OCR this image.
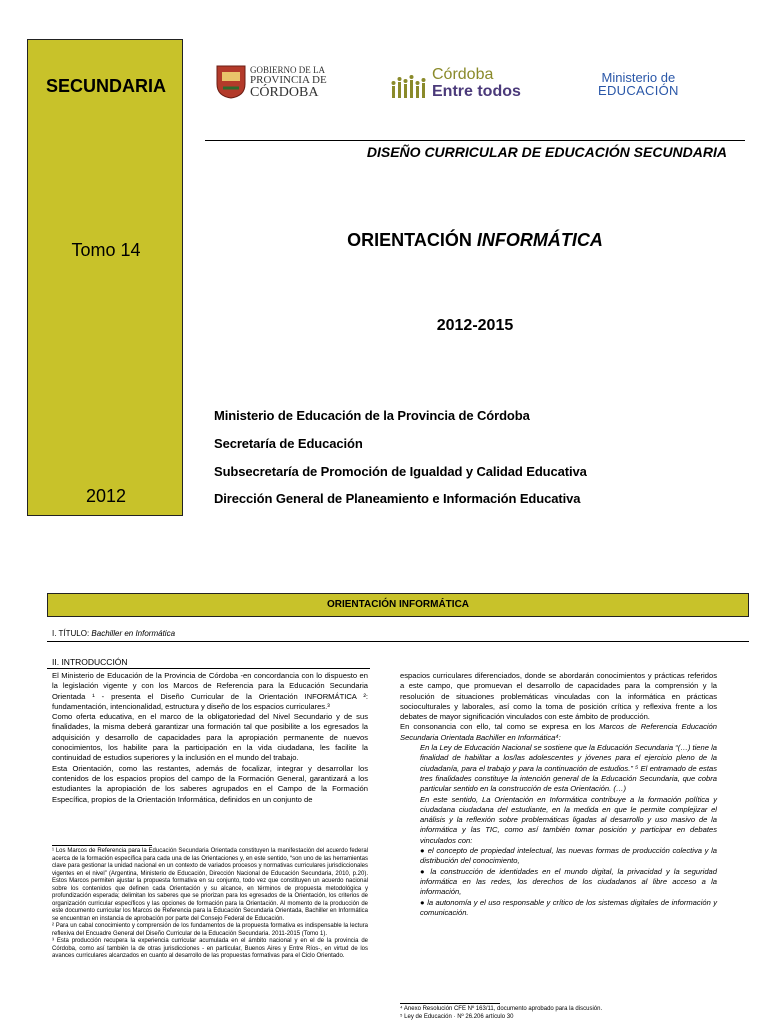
SECUNDARIA
Tomo 14
2012
GOBIERNO DE LA
PROVINCIA DE
CÓRDOBA
Córdoba
Entre todos
Ministerio de
EDUCACIÓN
DISEÑO CURRICULAR DE EDUCACIÓN SECUNDARIA
ORIENTACIÓN INFORMÁTICA
2012-2015
Ministerio de Educación de la Provincia de Córdoba
Secretaría de Educación
Subsecretaría de Promoción de Igualdad y Calidad Educativa
Dirección General de Planeamiento e Información Educativa
ORIENTACIÓN INFORMÁTICA
I. TÍTULO: Bachiller en Informática
II. INTRODUCCIÓN

El Ministerio de Educación de la Provincia de Córdoba -en concordancia con lo dispuesto en la legislación vigente y con los Marcos de Referencia para la Educación Secundaria Orientada ¹ - presenta el Diseño Curricular de la Orientación INFORMÁTICA ²: fundamentación, intencionalidad, estructura y diseño de los espacios curriculares.³

Como oferta educativa, en el marco de la obligatoriedad del Nivel Secundario y de sus finalidades, la misma deberá garantizar una formación tal que posibilite a los egresados la adquisición y desarrollo de capacidades para la apropiación permanente de nuevos conocimientos, los habilite para la participación en la vida ciudadana, les facilite la continuidad de estudios superiores y la inclusión en el mundo del trabajo.

Esta Orientación, como las restantes, además de focalizar, integrar y desarrollar los contenidos de los espacios propios del campo de la Formación General, garantizará a los estudiantes la apropiación de los saberes agrupados en el Campo de la Formación Específica, propios de la Orientación Informática, definidos en un conjunto de

¹ Los Marcos de Referencia para la Educación Secundaria Orientada constituyen la manifestación del acuerdo federal acerca de la formación específica para cada una de las Orientaciones y, en este sentido, “son uno de las herramientas clave para gestionar la unidad nacional en un contexto de variados procesos y normativas curriculares jurisdiccionales vigentes en el nivel” (Argentina, Ministerio de Educación, Dirección Nacional de Educación Secundaria, 2010, p.20). Estos Marcos permiten ajustar la propuesta formativa en su conjunto, todo vez que constituyen un acuerdo nacional sobre los contenidos que definen cada Orientación y su alcance, en términos de propuesta metodológica y profundización esperada; delimitan los saberes que se priorizan para los egresados de la Orientación, los criterios de organización curricular específicos y las opciones de formación para la Orientación. Al momento de la producción de este documento curricular los Marcos de Referencia para la Educación Secundaria Orientada, Bachiller en Informática se encuentran en instancia de aprobación por parte del Consejo Federal de Educación.

² Para un cabal conocimiento y comprensión de los fundamentos de la propuesta formativa es indispensable la lectura reflexiva del Encuadre General del Diseño Curricular de la Educación Secundaria. 2011-2015 (Tomo 1).

³ Esta producción recupera la experiencia curricular acumulada en el ámbito nacional y en el de la provincia de Córdoba, como así también la de otras jurisdicciones - en particular, Buenos Aires y Entre Ríos-, en virtud de los avances curriculares alcanzados en cuanto al desarrollo de las propuestas formativas para el Ciclo Orientado.

espacios curriculares diferenciados, donde se abordarán conocimientos y prácticas referidos a este campo, que promuevan el desarrollo de capacidades para la comprensión y la resolución de situaciones problemáticas vinculadas con la informática en prácticas socioculturales y laborales, así como la toma de posición crítica y reflexiva frente a los debates de mayor significación vinculados con este ámbito de producción.

En consonancia con ello, tal como se expresa en los Marcos de Referencia Educación Secundaria Orientada Bachiller en Informática⁴:

En la Ley de Educación Nacional se sostiene que la Educación Secundaria “(…) tiene la finalidad de habilitar a los/las adolescentes y jóvenes para el ejercicio pleno de la ciudadanía, para el trabajo y para la continuación de estudios.” ⁵ El entramado de estas tres finalidades constituye la intención general de la Educación Secundaria, que cobra particular sentido en la construcción de esta Orientación. (…)

En este sentido, La Orientación en Informática contribuye a la formación política y ciudadana ciudadana del estudiante, en la medida en que le permite complejizar el análisis y la reflexión sobre problemáticas ligadas al desarrollo y uso masivo de la informática y las TIC, como así también tomar posición y participar en debates vinculados con:

● el concepto de propiedad intelectual, las nuevas formas de producción colectiva y la distribución del conocimiento,

● la construcción de identidades en el mundo digital, la privacidad y la seguridad informática en las redes, los derechos de los ciudadanos al libre acceso a la información,

● la autonomía y el uso responsable y crítico de los sistemas digitales de información y comunicación.

⁴ Anexo Resolución CFE Nº 163/11, documento aprobado para la discusión.

⁵ Ley de Educación · Nº 26.206 artículo 30
